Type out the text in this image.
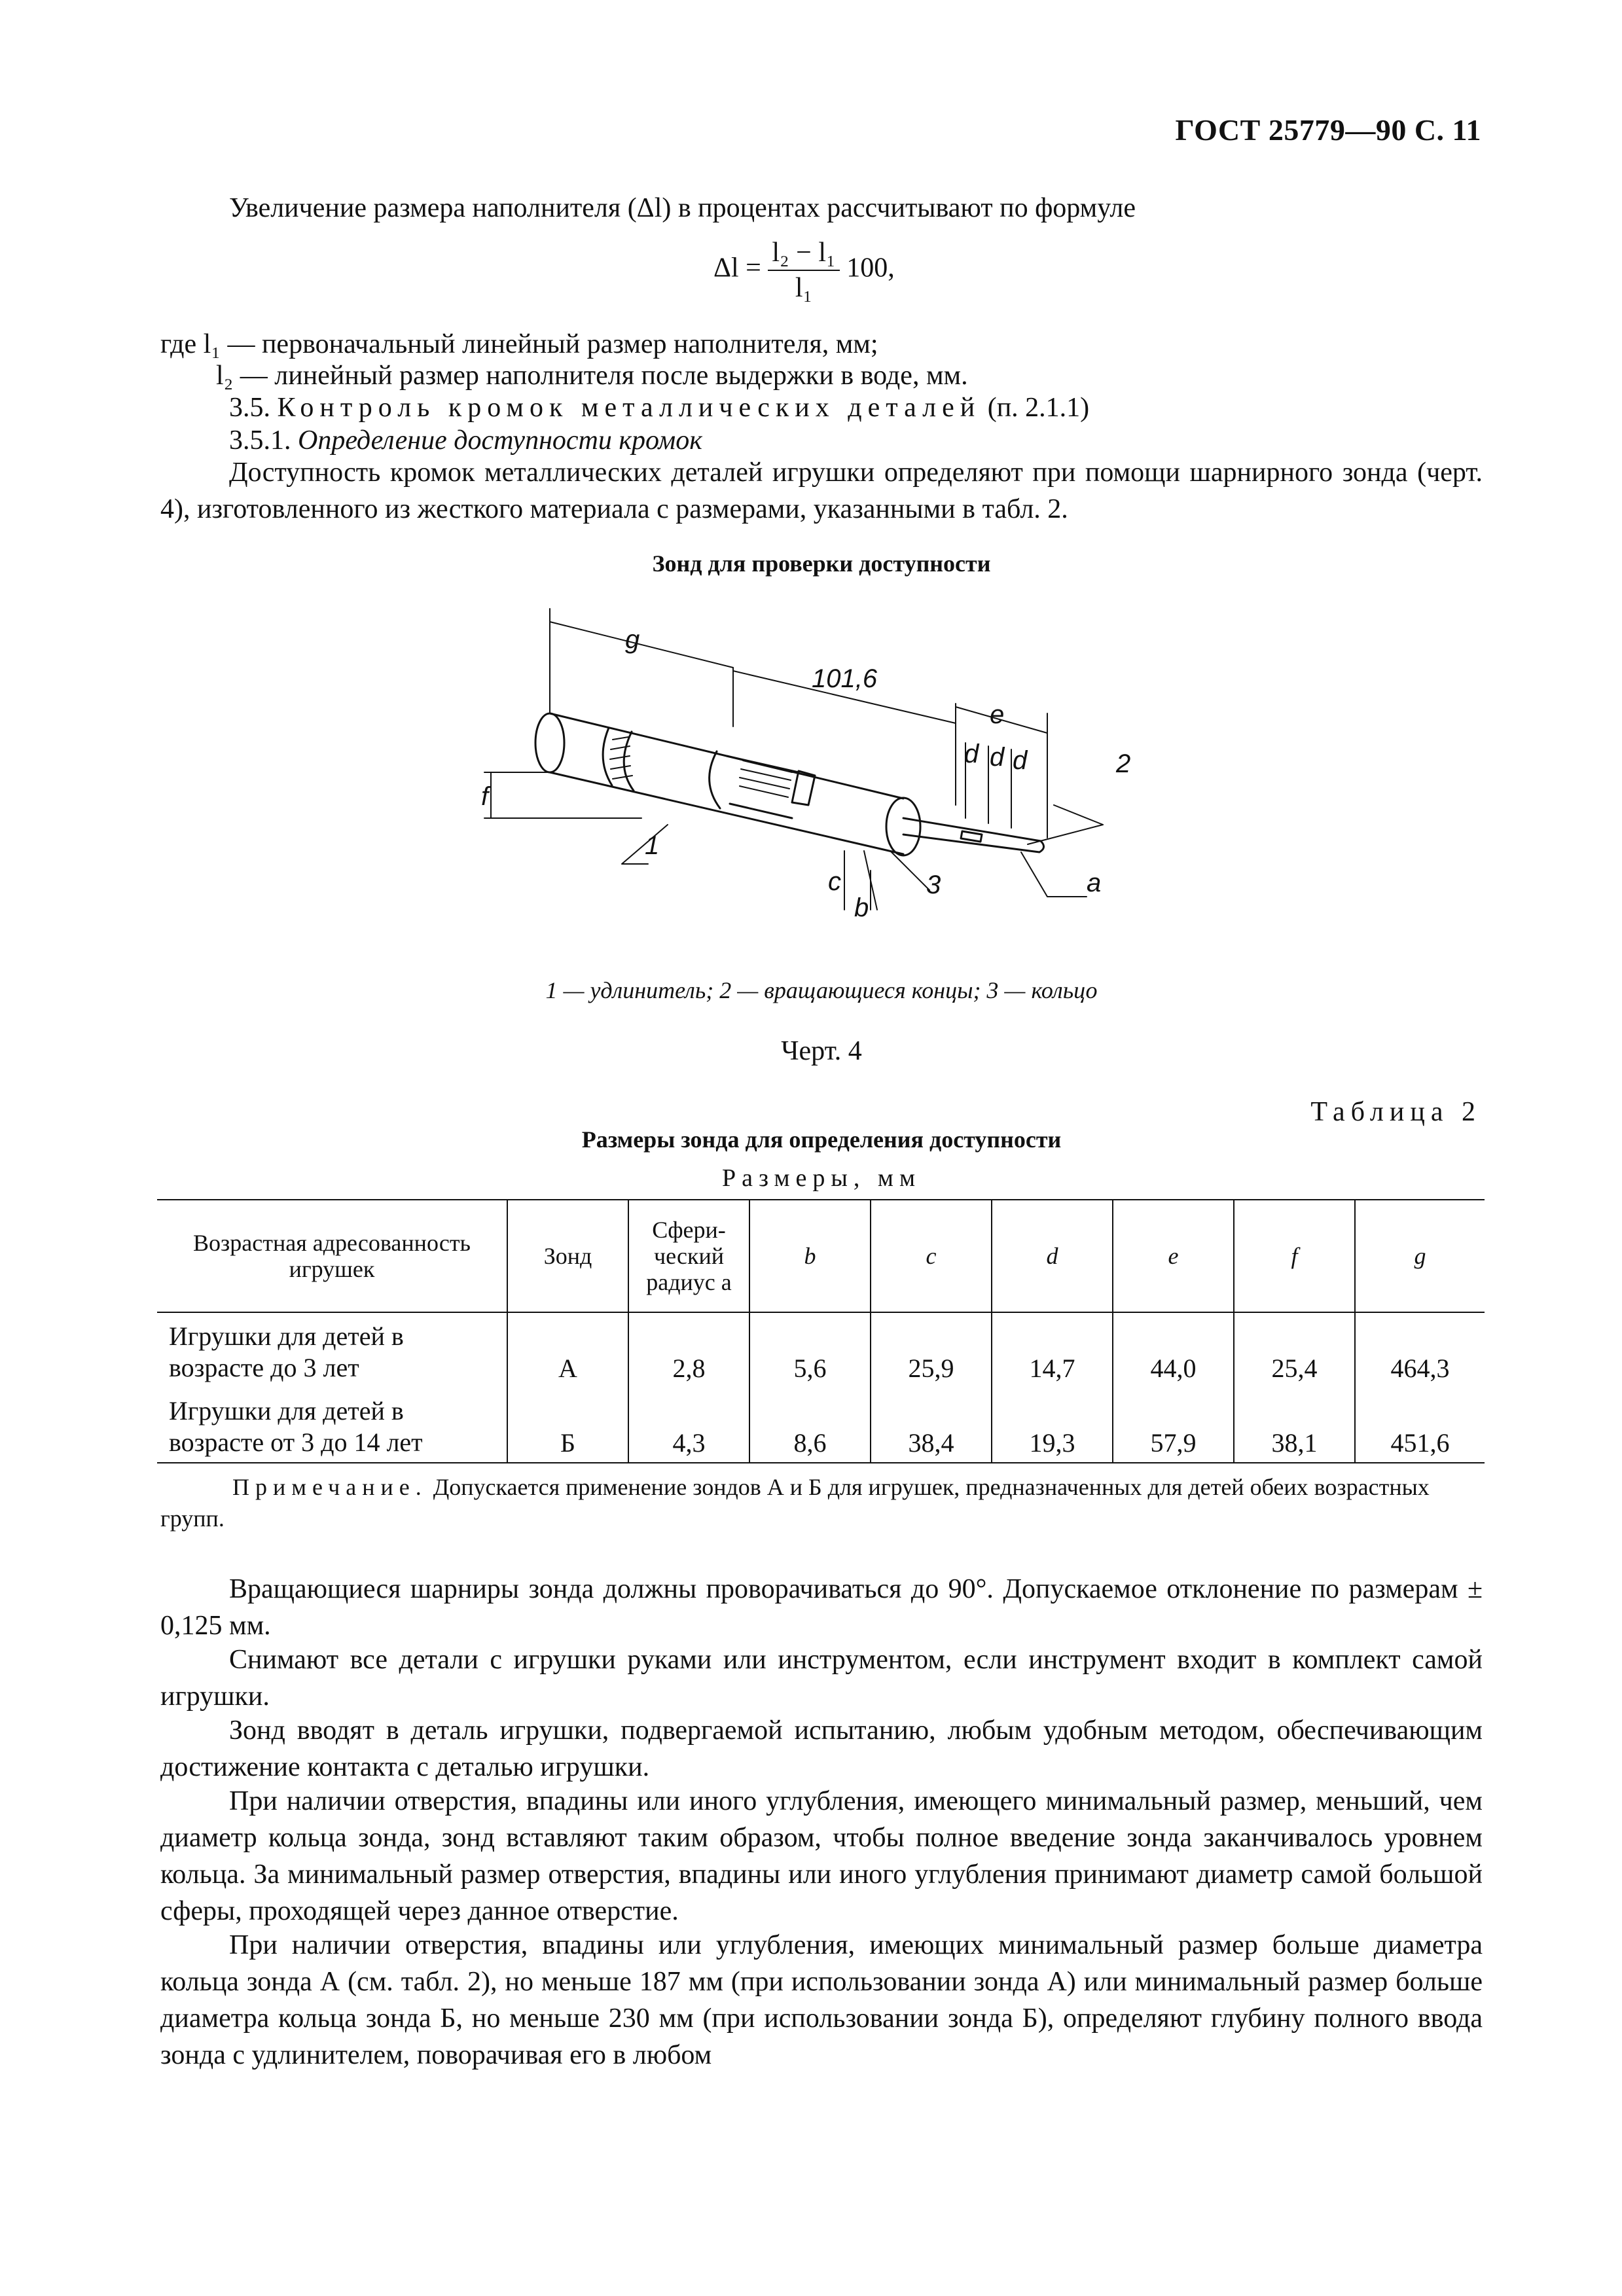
ГОСТ 25779—90 С. 11
Увеличение размера наполнителя (Δl) в процентах рассчитывают по формуле
$\Delta l = \frac{\text{l₂ − l₁}}{\text{l₁}} 100$,
где l₁ — первоначальный линейный размер наполнителя, мм;
l₂ — линейный размер наполнителя после выдержки в воде, мм.
3.5. Контроль кромок металлических деталей (п. 2.1.1)
3.5.1. Определение доступности кромок
Доступность кромок металлических деталей игрушки определяют при помощи шарнирного зонда (черт. 4), изготовленного из жесткого материала с размерами, указанными в табл. 2.
Зонд для проверки доступности
g
101,6
e
d d d	2
1
f
c
b
3	a
1 — удлинитель; 2 — вращающиеся концы; 3 — кольцо
Черт. 4
Таблица 2
Размеры зонда для определения доступности
Размеры, мм
Возрастная адресованность игрушек	Зонд	Сфери-
ческий
радиус a	b	c	d	e	f	g
Игрушки для детей в возрасте до 3 лет	А	2,8	5,6	25,9	14,7	44,0	25,4	464,3
Игрушки для детей в возрасте от 3 до 14 лет	Б	4,3	8,6	38,4	19,3	57,9	38,1	451,6
Примечание. Допускается применение зондов А и Б для игрушек, предназначенных для детей обеих возрастных групп.
Вращающиеся шарниры зонда должны проворачиваться до 90°. Допускаемое отклонение по размерам ± 0,125 мм.
Снимают все детали с игрушки руками или инструментом, если инструмент входит в комплект самой игрушки.
Зонд вводят в деталь игрушки, подвергаемой испытанию, любым удобным методом, обеспечивающим достижение контакта с деталью игрушки.
При наличии отверстия, впадины или иного углубления, имеющего минимальный размер, меньший, чем диаметр кольца зонда, зонд вставляют таким образом, чтобы полное введение зонда заканчивалось уровнем кольца. За минимальный размер отверстия, впадины или иного углубления принимают диаметр самой большой сферы, проходящей через данное отверстие.
При наличии отверстия, впадины или углубления, имеющих минимальный размер больше диаметра кольца зонда А (см. табл. 2), но меньше 187 мм (при использовании зонда А) или минимальный размер больше диаметра кольца зонда Б, но меньше 230 мм (при использовании зонда Б), определяют глубину полного ввода зонда с удлинителем, поворачивая его в любом
